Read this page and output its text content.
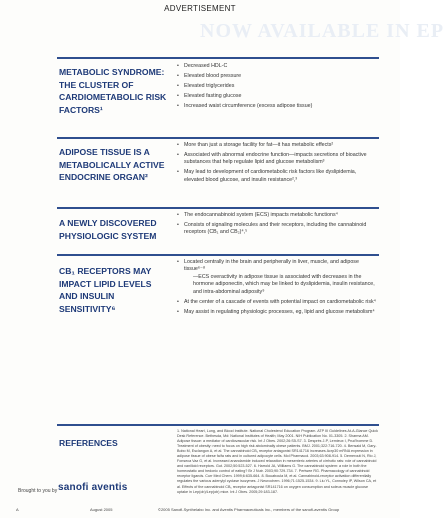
ADVERTISEMENT
NOW AVAILABLE IN EP
METABOLIC SYNDROME: THE CLUSTER OF CARDIOMETABOLIC RISK FACTORS¹
• Decreased HDL-C
• Elevated blood pressure
• Elevated triglycerides
• Elevated fasting glucose
• Increased waist circumference (excess adipose tissue)
ADIPOSE TISSUE IS A METABOLICALLY ACTIVE ENDOCRINE ORGAN²
• More than just a storage facility for fat—it has metabolic effects²
• Associated with abnormal endocrine function—impacts secretions of bioactive substances that help regulate lipid and glucose metabolism³
• May lead to development of cardiometabolic risk factors like dyslipidemia, elevated blood glucose, and insulin resistance²,³
A NEWLY DISCOVERED PHYSIOLOGIC SYSTEM
• The endocannabinoid system (ECS) impacts metabolic functions⁴
• Consists of signaling molecules and their receptors, including the cannabinoid receptors (CB₁ and CB₂)⁴,⁵
CB₁ RECEPTORS MAY IMPACT LIPID LEVELS AND INSULIN SENSITIVITY⁶
• Located centrally in the brain and peripherally in liver, muscle, and adipose tissue⁶⁻⁸
—ECS overactivity in adipose tissue is associated with decreases in the hormone adiponectin, which may be linked to dyslipidemia, insulin resistance, and intra-abdominal adiposity⁹
• At the center of a cascade of events with potential impact on cardiometabolic risk⁴
• May assist in regulating physiologic processes, eg, lipid and glucose metabolism⁴
REFERENCES
1. National Heart, Lung, and Blood Institute. National Cholesterol Education Program. ATP III Guidelines At-A-Glance Quick Desk Reference. Bethesda, Md: National Institutes of Health; May 2001. NIH Publication No. 01-3305. 2. Sharma AM. Adipose tissue: a mediator of cardiovascular risk. Int J Obes. 2002;26:S5-S7. 3. Després J-P, Lemieux I, Prud'homme D. Treatment of obesity: need to focus on high risk abdominally obese patients. BMJ. 2001;322:716-720. 4. Bensaid M, Gary-Bobo M, Esclangon A, et al. The cannabinoid CB₁ receptor antagonist SR141716 increases Acrp30 mRNA expression in adipose tissue of obese fa/fa rats and in cultured adipocyte cells. Mol Pharmacol. 2003;63:908-914. 5. Demerouti N, Rio J, Fonseca Vaz G, et al. Increased anandamide induced relaxation in mesenteric arteries of cirrhotic rats: role of cannabinoid and vanilloid receptors. Gut. 2002;50:523-527. 6. Harrold JA, Williams G. The cannabinoid system: a role in both the homeostatic and hedonic control of eating? Br J Nutr. 2003;90:729-734. 7. Pertwee RG. Pharmacology of cannabinoid receptor ligands. Curr Med Chem. 1999;6:635-664. 8. Bouaboula M, et al. Cannabinoid-receptor activation differentially regulates the various adenylyl cyclase isozymes. J Neurochem. 1996;71:1525-1534. 9. Liu YL, Connoley IP, Wilson CA, et al. Effects of the cannabinoid CB₁ receptor antagonist SR141716 on oxygen consumption and soleus muscle glucose uptake in Lep(ob)/Lep(ob) mice. Int J Obes. 2005;29:183-187.
Brought to you by sanofi aventis
A	August 2005	©2005 Sanofi-Synthelabo Inc. and Aventis Pharmaceuticals Inc., members of the sanofi-aventis Group
